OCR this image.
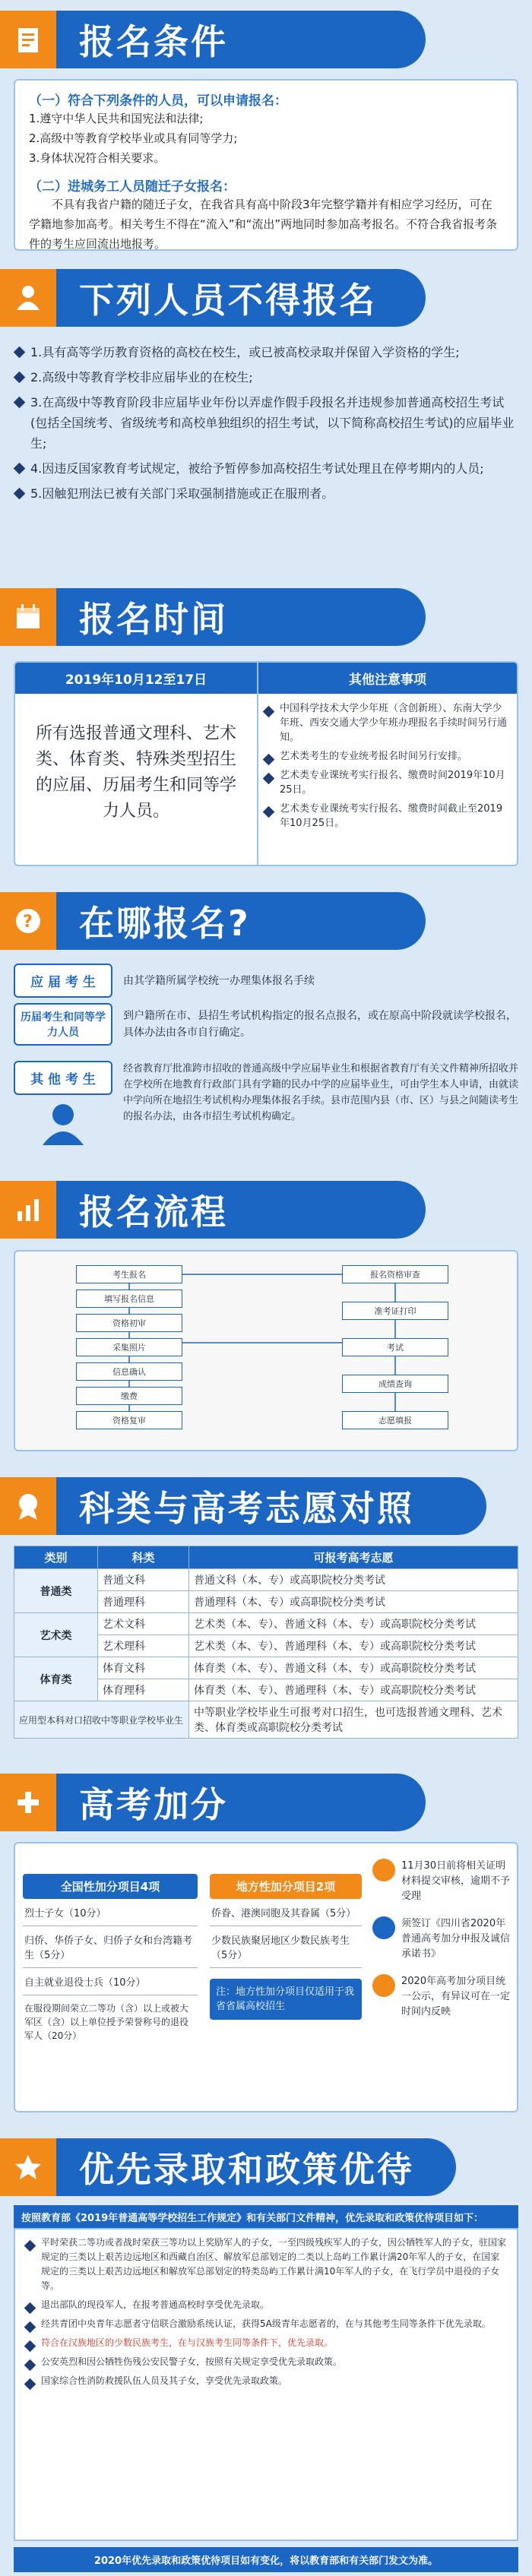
报名条件
（一）符合下列条件的人员，可以申请报名：
1.遵守中华人民共和国宪法和法律;
2.高级中等教育学校毕业或具有同等学力;
3.身体状况符合相关要求。
（二）进城务工人员随迁子女报名：
不具有我省户籍的随迁子女，在我省具有高中阶段3年完整学籍并有相应学习经历，可在学籍地参加高考。相关考生不得在“流入”和“流出”两地同时参加高考报名。不符合我省报考条件的考生应回流出地报考。
下列人员不得报名
1.具有高等学历教育资格的高校在校生，或已被高校录取并保留入学资格的学生;
2.高级中等教育学校非应届毕业的在校生;
3.在高级中等教育阶段非应届毕业年份以弄虚作假手段报名并违规参加普通高校招生考试(包括全国统考、省级统考和高校单独组织的招生考试，以下简称高校招生考试)的应届毕业生;
4.因违反国家教育考试规定，被给予暂停参加高校招生考试处理且在停考期内的人员;
5.因触犯刑法已被有关部门采取强制措施或正在服刑者。
报名时间
2019年10月12至17日
所有选报普通文理科、艺术类、体育类、特殊类型招生的应届、历届考生和同等学力人员。
其他注意事项
中国科学技术大学少年班（含创新班）、东南大学少年班、西安交通大学少年班办理报名手续时间另行通知。
艺术类考生的专业统考报名时间另行安排。
艺术类专业课统考实行报名、缴费时间2019年10月25日。
艺术类专业课统考实行报名、缴费时间截止至2019年10月25日。
?	在哪报名?
应 届 考 生	由其学籍所属学校统一办理集体报名手续
历届考生和同等学力人员
到户籍所在市、县招生考试机构指定的报名点报名，或在原高中阶段就读学校报名，具体办法由各市自行确定。
其 他 考 生
经省教育厅批准跨市招收的普通高级中学应届毕业生和根据省教育厅有关文件精神所招收并在学校所在地教育行政部门具有学籍的民办中学的应届毕业生，可由学生本人申请，由就读中学向所在地招生考试机构办理集体报名手续。县市范围内县（市、区）与县之间随读考生的报名办法，由各市招生考试机构确定。
报名流程
考生报名
填写报名信息
资格初审
采集照片
信息确认
缴费
资格复审
报名资格审查
准考证打印
考试
成绩查询
志愿填报
科类与高考志愿对照
类别	科类	可报考高考志愿
普通类	普通文科	普通文科（本、专）或高职院校分类考试
	普通理科	普通理科（本、专）或高职院校分类考试
艺术类	艺术文科	艺术类（本、专）、普通文科（本、专）或高职院校分类考试
	艺术理科	艺术类（本、专）、普通理科（本、专）或高职院校分类考试
体育类	体育文科	体育类（本、专）、普通文科（本、专）或高职院校分类考试
	体育理科	体育类（本、专）、普通理科（本、专）或高职院校分类考试
应用型本科对口招收中等职业学校毕业生		中等职业学校毕业生可报考对口招生，也可选报普通文理科、艺术类、体育类或高职院校分类考试
高考加分
全国性加分项目4项
烈士子女（10分）
归侨、华侨子女、归侨子女和台湾籍考生（5分）
自主就业退役士兵（10分）
在服役期间荣立二等功（含）以上或被大军区（含）以上单位授予荣誉称号的退役军人（20分）
地方性加分项目2项
侨眷、港澳同胞及其眷属（5分）
少数民族聚居地区少数民族考生（5分）
注：地方性加分项目仅适用于我省省属高校招生
11月30日前将相关证明材料提交审核，逾期不予受理
须签订《四川省2020年普通高考加分申报及诚信承诺书》
2020年高考加分项目统一公示，有异议可在一定时间内反映
优先录取和政策优待
按照教育部《2019年普通高等学校招生工作规定》和有关部门文件精神，优先录取和政策优待项目如下：
平时荣获二等功或者战时荣获三等功以上奖励军人的子女，一至四级残疾军人的子女，因公牺牲军人的子女，驻国家规定的三类以上艰苦边远地区和西藏自治区、解放军总部划定的二类以上岛屿工作累计满20年军人的子女，在国家规定的三类以上艰苦边远地区和解放军总部划定的特类岛屿工作累计满10年军人的子女，在飞行学员中退役的子女等。
退出部队的现役军人，在报考普通高校时享受优先录取。
经共青团中央青年志愿者守信联合激励系统认证，获得5A级青年志愿者的，在与其他考生同等条件下优先录取。
符合在汉族地区的少数民族考生，在与汉族考生同等条件下，优先录取。
公安英烈和因公牺牲伤残公安民警子女，按照有关规定享受优先录取政策。
国家综合性消防救援队伍人员及其子女，享受优先录取政策。
2020年优先录取和政策优待项目如有变化，将以教育部和有关部门发文为准。
